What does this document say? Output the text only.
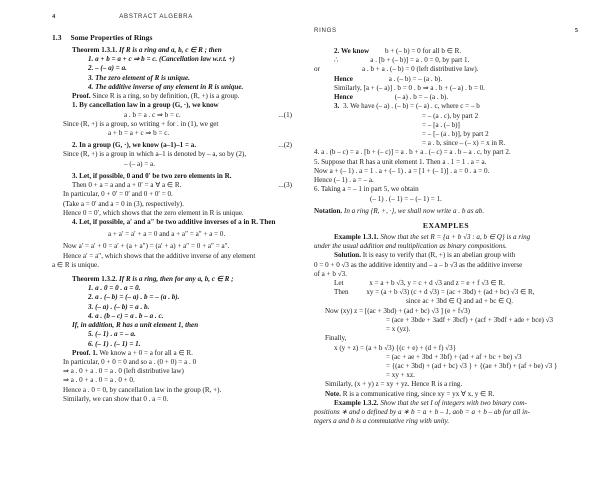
4	ABSTRACT ALGEBRA
1.3 Some Properties of Rings

Theorem 1.3.1. If R is a ring and a, b, c ∈ R ; then

1. a + b = a + c ⇒ b = c. (Cancellation law w.r.t. +)

2. – (– a) = a.

3. The zero element of R is unique.

4. The additive inverse of any element in R is unique.

Proof. Since R is a ring, so by definition, (R, +) is a group.

1. By cancellation law in a group (G, ·), we know

a . b = a . c ⇒ b = c.	...(1)

Since (R, +) is a group, so writing + for . in (1), we get

a + b = a + c ⇒ b = c.

2. In a group (G, ·), we know (a–1)–1 = a.	...(2)

Since (R, +) is a group in which a–1 is denoted by – a, so by (2),

– (– a) = a.

3. Let, if possible, 0 and 0′ be two zero elements in R.

Then 0 + a = a and a + 0′ = a ∀ a ∈ R.	...(3)

In particular, 0 + 0′ = 0′ and 0 + 0′ = 0.

(Take a = 0′ and a = 0 in (3), respectively).

Hence 0 = 0′, which shows that the zero element in R is unique.

4. Let, if possible, a′ and a″ be two additive inverses of a in R. Then

a + a′ = a′ + a = 0 and a + a″ = a″ + a = 0.

Now a′ = a′ + 0 = a′ + (a + a″) = (a′ + a) + a″ = 0 + a″ = a″.

Hence a′ = a″, which shows that the additive inverse of any element

a ∈ R is unique.

Theorem 1.3.2. If R is a ring, then for any a, b, c ∈ R ;

1. a . 0 = 0 . a = 0.

2. a . (– b) = (– a) . b = – (a . b).

3. (– a) . (– b) = a . b.

4. a . (b – c) = a . b – a . c.

If, in addition, R has a unit element 1, then

5. (– 1) . a = – a.

6. (– 1) . (– 1) = 1.

Proof. 1. We know a + 0 = a for all a ∈ R.

In particular, 0 + 0 = 0 and so a . (0 + 0) = a . 0

⇒ a . 0 + a . 0 = a . 0 (left distributive law)

⇒ a . 0 + a . 0 = a . 0 + 0.

Hence a . 0 = 0, by cancellation law in the group (R, +).

Similarly, we can show that 0 . a = 0.

RINGS	5

2. We know b + (– b) = 0 for all b ∈ R.

∴	a . [b + (– b)] = a . 0 = 0, by part 1.

or	a . b + a . (– b) = 0 (left distributive law).

Hence	a . (– b) = – (a . b).

Similarly, [a + (– a)] . b = 0 . b ⇒ a . b + (– a) . b = 0.

Hence	(– a) . b = – (a . b).

3. 3. We have (– a) . (– b) = (– a) . c, where c = – b

= – (a . c), by part 2

= – [a . (– b)]

= – [– (a . b)], by part 2

= a . b, since – (– x) = x in R.

4. a . (b – c) = a . [b + (– c)] = a . b + a . (– c) = a . b – a . c, by part 2.

5. Suppose that R has a unit element 1. Then a . 1 = 1 . a = a.

Now a + (– 1) . a = 1 . a + (– 1) . a = [1 + (– 1)] . a = 0 . a = 0.

Hence (– 1) . a = – a.

6. Taking a = – 1 in part 5, we obtain

(– 1) . (– 1) = – (– 1) = 1.

Notation. In a ring {R, +, ·}, we shall now write a . b as ab.

EXAMPLES

Example 1.3.1. Show that the set R = {a + b √3 : a, b ∈ Q} is a ring

under the usual addition and multiplication as binary compositions.

Solution. It is easy to verify that (R, +) is an abelian group with

0 = 0 + 0 √3 as the additive identity and – a – b √3 as the additive inverse

of a + b √3.

Let	x = a + b √3, y = c + d √3 and z = e + f √3 ∈ R.

Then	xy = (a + b √3) (c + d √3) = (ac + 3bd) + (ad + bc) √3 ∈ R,

since ac + 3bd ∈ Q and ad + bc ∈ Q.

Now (xy) z = [(ac + 3bd) + (ad + bc) √3 ] (e + f√3)

= (ace + 3bde + 3adf + 3bcf) + (acf + 3bdf + ade + bce) √3

= x (yz).

Finally,

x (y + z) = (a + b √3) {(c + e) + (d + f) √3}

= (ac + ae + 3bd + 3bf) + (ad + af + bc + be) √3

= {(ac + 3bd) + (ad + bc) √3 } + {(ae + 3bf) + (af + be) √3 }

= xy + xz.

Similarly, (x + y) z = xy + yz. Hence R is a ring.

Note. R is a communicative ring, since xy = yx ∀ x, y ∈ R.

Example 1.3.2. Show that the set I of integers with two binary com-

positions ∗ and o defined by a ∗ b = a + b – 1, aob = a + b – ab for all in-

tegers a and b is a commutative ring with unity.
